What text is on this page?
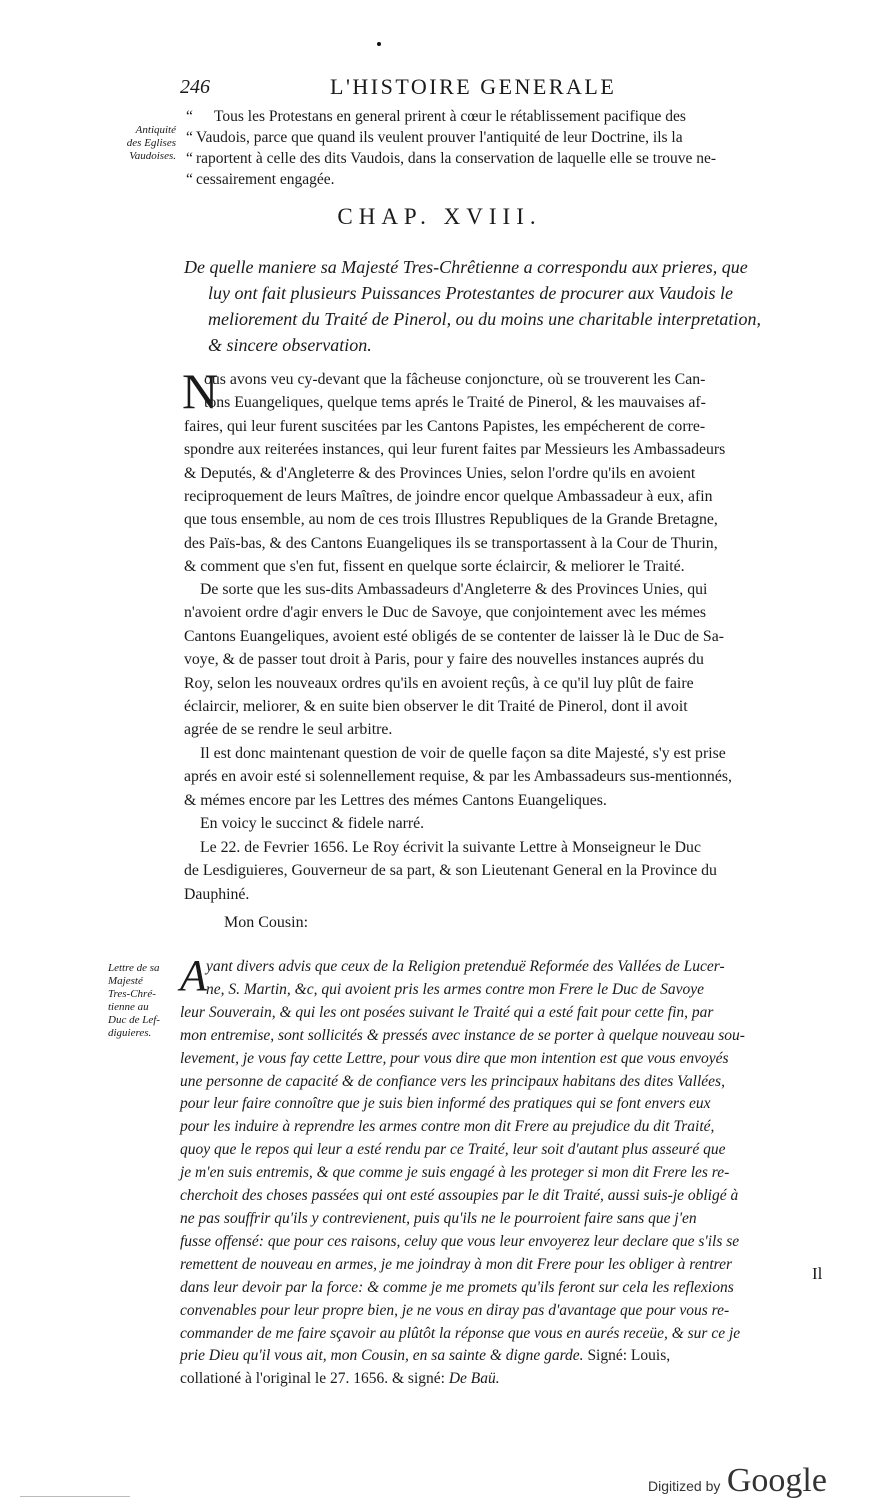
246	L'HISTOIRE GENERALE
Antiquité
des Eglises
Vaudoises.
“ Tous les Protestans en general prirent à cœur le rétablissement pacifique des
“ Vaudois, parce que quand ils veulent prouver l'antiquité de leur Doctrine, ils la
“ raportent à celle des dits Vaudois, dans la conservation de laquelle elle se trouve ne-
“ cessairement engagée.
CHAP. XVIII.
De quelle maniere sa Majesté Tres-Chrêtienne a correspondu aux prieres, que
luy ont fait plusieurs Puissances Protestantes de procurer aux Vaudois le
meliorement du Traité de Pinerol, ou du moins une charitable interpretation,
& sincere observation.
N
ous avons veu cy-devant que la fâcheuse conjoncture, où se trouverent les Can-
tons Euangeliques, quelque tems aprés le Traité de Pinerol, & les mauvaises af-
faires, qui leur furent suscitées par les Cantons Papistes, les empécherent de corre-
spondre aux reiterées instances, qui leur furent faites par Messieurs les Ambassadeurs
& Deputés, & d'Angleterre & des Provinces Unies, selon l'ordre qu'ils en avoient
reciproquement de leurs Maîtres, de joindre encor quelque Ambassadeur à eux, afin
que tous ensemble, au nom de ces trois Illustres Republiques de la Grande Bretagne,
des Païs-bas, & des Cantons Euangeliques ils se transportassent à la Cour de Thurin,
& comment que s'en fut, fissent en quelque sorte éclaircir, & meliorer le Traité.
De sorte que les sus-dits Ambassadeurs d'Angleterre & des Provinces Unies, qui
n'avoient ordre d'agir envers le Duc de Savoye, que conjointement avec les mémes
Cantons Euangeliques, avoient esté obligés de se contenter de laisser là le Duc de Sa-
voye, & de passer tout droit à Paris, pour y faire des nouvelles instances auprés du
Roy, selon les nouveaux ordres qu'ils en avoient reçûs, à ce qu'il luy plût de faire
éclaircir, meliorer, & en suite bien observer le dit Traité de Pinerol, dont il avoit
agrée de se rendre le seul arbitre.
Il est donc maintenant question de voir de quelle façon sa dite Majesté, s'y est prise
aprés en avoir esté si solennellement requise, & par les Ambassadeurs sus-mentionnés,
& mémes encore par les Lettres des mémes Cantons Euangeliques.
En voicy le succinct & fidele narré.
Le 22. de Fevrier 1656. Le Roy écrivit la suivante Lettre à Monseigneur le Duc
de Lesdiguieres, Gouverneur de sa part, & son Lieutenant General en la Province du
Dauphiné.
Mon Cousin:
Lettre de sa
Majesté
Tres-Chré-
tienne au
Duc de Lef-
diguieres.
A yant divers advis que ceux de la Religion pretenduë Reformée des Vallées de Lucer-
ne, S. Martin, &c, qui avoient pris les armes contre mon Frere le Duc de Savoye
leur Souverain, & qui les ont posées suivant le Traité qui a esté fait pour cette fin, par
mon entremise, sont sollicités & pressés avec instance de se porter à quelque nouveau sou-
levement, je vous fay cette Lettre, pour vous dire que mon intention est que vous envoyés
une personne de capacité & de confiance vers les principaux habitans des dites Vallées,
pour leur faire connoître que je suis bien informé des pratiques qui se font envers eux
pour les induire à reprendre les armes contre mon dit Frere au prejudice du dit Traité,
quoy que le repos qui leur a esté rendu par ce Traité, leur soit d'autant plus asseuré que
je m'en suis entremis, & que comme je suis engagé à les proteger si mon dit Frere les re-
cherchoit des choses passées qui ont esté assoupies par le dit Traité, aussi suis-je obligé à
ne pas souffrir qu'ils y contrevienent, puis qu'ils ne le pourroient faire sans que j'en
fusse offensé: que pour ces raisons, celuy que vous leur envoyerez leur declare que s'ils se
remettent de nouveau en armes, je me joindray à mon dit Frere pour les obliger à rentrer
dans leur devoir par la force: & comme je me promets qu'ils feront sur cela les reflexions
convenables pour leur propre bien, je ne vous en diray pas d'avantage que pour vous re-
commander de me faire sçavoir au plûtôt la réponse que vous en aurés receüe, & sur ce je
prie Dieu qu'il vous ait, mon Cousin, en sa sainte & digne garde. Signé: Louis,
collationé à l'original le 27. 1656. & signé: De Baü.
Il
Digitized by Google
